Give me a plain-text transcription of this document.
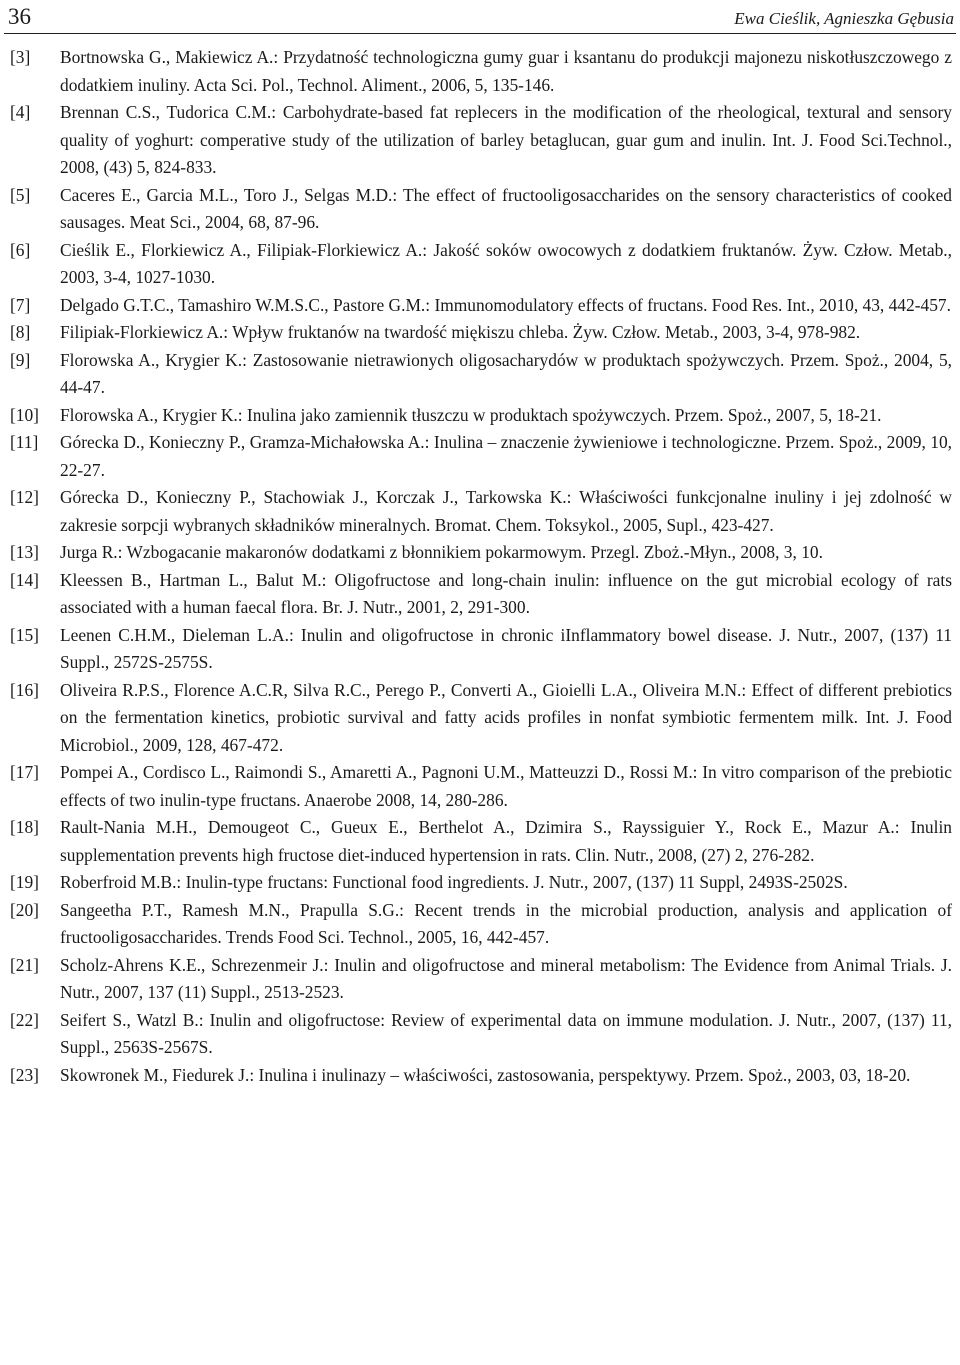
36	Ewa Cieślik, Agnieszka Gębusia
[3] Bortnowska G., Makiewicz A.: Przydatność technologiczna gumy guar i ksantanu do produkcji majonezu niskotłuszczowego z dodatkiem inuliny. Acta Sci. Pol., Technol. Aliment., 2006, 5, 135-146.
[4] Brennan C.S., Tudorica C.M.: Carbohydrate-based fat replecers in the modification of the rheological, textural and sensory quality of yoghurt: comperative study of the utilization of barley betaglucan, guar gum and inulin. Int. J. Food Sci.Technol., 2008, (43) 5, 824-833.
[5] Caceres E., Garcia M.L., Toro J., Selgas M.D.: The effect of fructooligosaccharides on the sensory characteristics of cooked sausages. Meat Sci., 2004, 68, 87-96.
[6] Cieślik E., Florkiewicz A., Filipiak-Florkiewicz A.: Jakość soków owocowych z dodatkiem fruktanów. Żyw. Człow. Metab., 2003, 3-4, 1027-1030.
[7] Delgado G.T.C., Tamashiro W.M.S.C., Pastore G.M.: Immunomodulatory effects of fructans. Food Res. Int., 2010, 43, 442-457.
[8] Filipiak-Florkiewicz A.: Wpływ fruktanów na twardość miękiszu chleba. Żyw. Człow. Metab., 2003, 3-4, 978-982.
[9] Florowska A., Krygier K.: Zastosowanie nietrawionych oligosacharydów w produktach spożywczych. Przem. Spoż., 2004, 5, 44-47.
[10] Florowska A., Krygier K.: Inulina jako zamiennik tłuszczu w produktach spożywczych. Przem. Spoż., 2007, 5, 18-21.
[11] Górecka D., Konieczny P., Gramza-Michałowska A.: Inulina – znaczenie żywieniowe i technologiczne. Przem. Spoż., 2009, 10, 22-27.
[12] Górecka D., Konieczny P., Stachowiak J., Korczak J., Tarkowska K.: Właściwości funkcjonalne inuliny i jej zdolność w zakresie sorpcji wybranych składników mineralnych. Bromat. Chem. Toksykol., 2005, Supl., 423-427.
[13] Jurga R.: Wzbogacanie makaronów dodatkami z błonnikiem pokarmowym. Przegl. Zboż.-Młyn., 2008, 3, 10.
[14] Kleessen B., Hartman L., Balut M.: Oligofructose and long-chain inulin: influence on the gut microbial ecology of rats associated with a human faecal flora. Br. J. Nutr., 2001, 2, 291-300.
[15] Leenen C.H.M., Dieleman L.A.: Inulin and oligofructose in chronic iInflammatory bowel disease. J. Nutr., 2007, (137) 11 Suppl., 2572S-2575S.
[16] Oliveira R.P.S., Florence A.C.R, Silva R.C., Perego P., Converti A., Gioielli L.A., Oliveira M.N.: Effect of different prebiotics on the fermentation kinetics, probiotic survival and fatty acids profiles in nonfat symbiotic fermentem milk. Int. J. Food Microbiol., 2009, 128, 467-472.
[17] Pompei A., Cordisco L., Raimondi S., Amaretti A., Pagnoni U.M., Matteuzzi D., Rossi M.: In vitro comparison of the prebiotic effects of two inulin-type fructans. Anaerobe 2008, 14, 280-286.
[18] Rault-Nania M.H., Demougeot C., Gueux E., Berthelot A., Dzimira S., Rayssiguier Y., Rock E., Mazur A.: Inulin supplementation prevents high fructose diet-induced hypertension in rats. Clin. Nutr., 2008, (27) 2, 276-282.
[19] Roberfroid M.B.: Inulin-type fructans: Functional food ingredients. J. Nutr., 2007, (137) 11 Suppl, 2493S-2502S.
[20] Sangeetha P.T., Ramesh M.N., Prapulla S.G.: Recent trends in the microbial production, analysis and application of fructooligosaccharides. Trends Food Sci. Technol., 2005, 16, 442-457.
[21] Scholz-Ahrens K.E., Schrezenmeir J.: Inulin and oligofructose and mineral metabolism: The Evidence from Animal Trials. J. Nutr., 2007, 137 (11) Suppl., 2513-2523.
[22] Seifert S., Watzl B.: Inulin and oligofructose: Review of experimental data on immune modulation. J. Nutr., 2007, (137) 11, Suppl., 2563S-2567S.
[23] Skowronek M., Fiedurek J.: Inulina i inulinazy – właściwości, zastosowania, perspektywy. Przem. Spoż., 2003, 03, 18-20.
